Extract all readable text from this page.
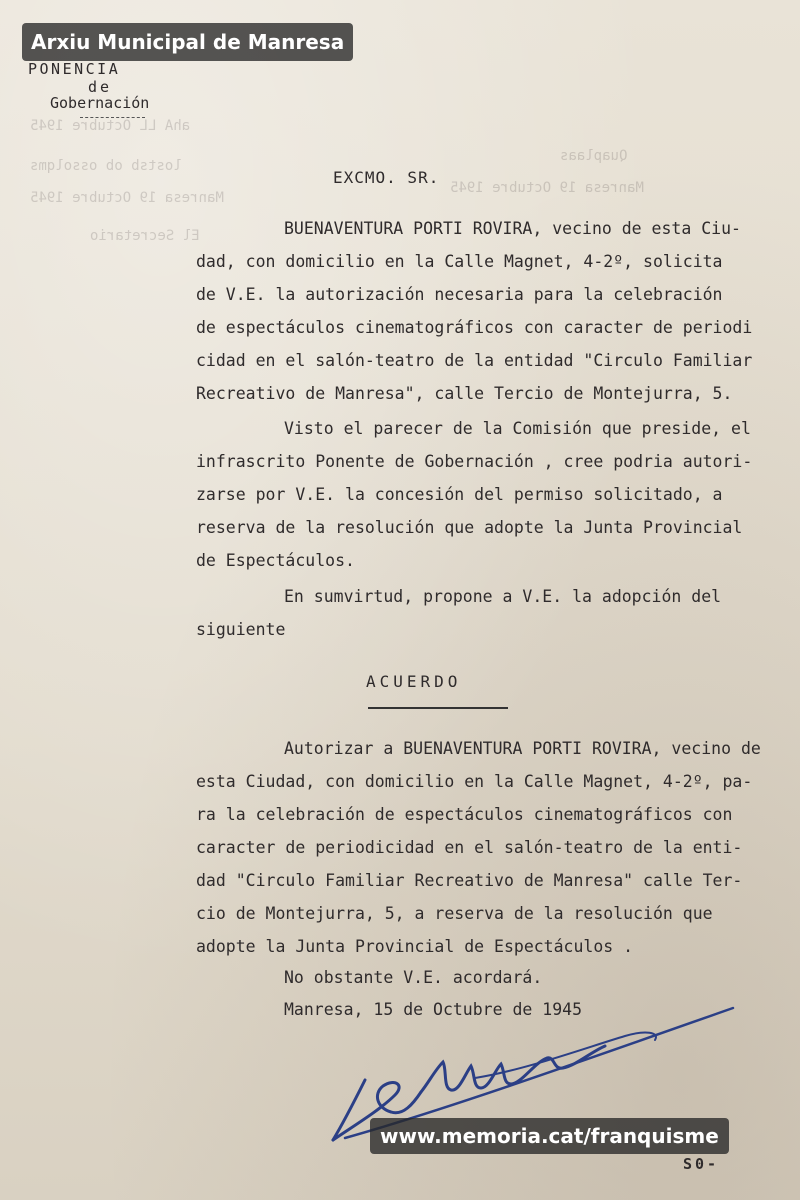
ahA LL Octubre 1945
Quaplaas
lostsb ob ossolqms
Manresa 19 Octubre 1945
Manresa 19 Octubre 1945
El Secretario
Arxiu Municipal de Manresa
PONENCIA
de
Gobernación
EXCMO. SR.

BUENAVENTURA PORTI ROVIRA, vecino de esta Ciu-

dad, con domicilio en la Calle Magnet, 4-2º, solicita

de V.E. la autorización necesaria para la celebración

de espectáculos cinematográficos con caracter de periodi

cidad en el salón-teatro de la entidad "Circulo Familiar

Recreativo de Manresa", calle Tercio de Montejurra, 5.

Visto el parecer de la Comisión que preside, el

infrascrito Ponente de Gobernación , cree podria autori-

zarse por V.E. la concesión del permiso solicitado, a

reserva de la resolución que adopte la Junta Provincial

de Espectáculos.

En sumvirtud, propone a V.E. la adopción del

siguiente

ACUERDO

Autorizar a BUENAVENTURA PORTI ROVIRA, vecino de

esta Ciudad, con domicilio en la Calle Magnet, 4-2º, pa-

ra la celebración de espectáculos cinematográficos con

caracter de periodicidad en el salón-teatro de la enti-

dad "Circulo Familiar Recreativo de Manresa" calle Ter-

cio de Montejurra, 5, a reserva de la resolución que

adopte la Junta Provincial de Espectáculos .

No obstante V.E. acordará.
Manresa, 15 de Octubre de 1945
www.memoria.cat/franquisme
S0-
